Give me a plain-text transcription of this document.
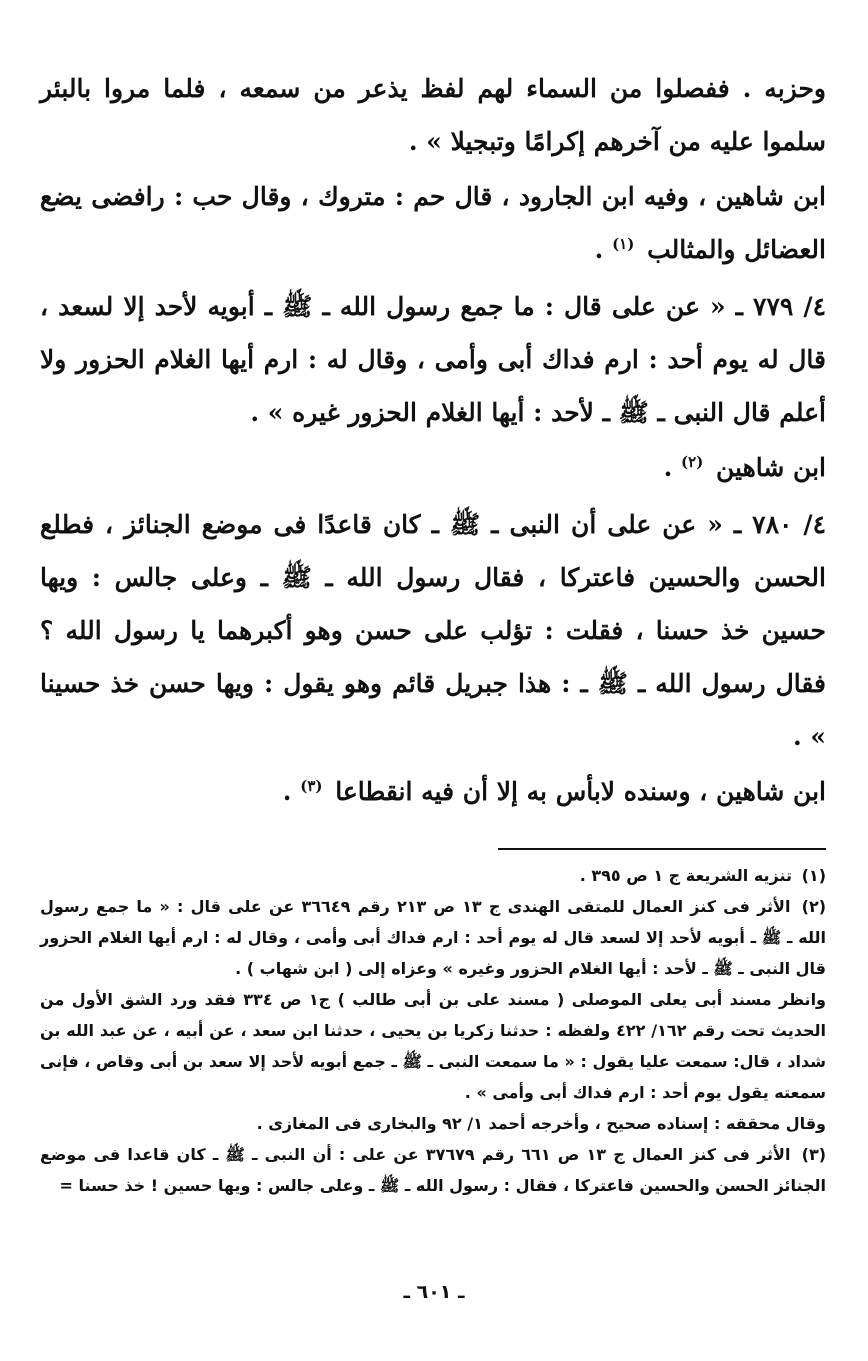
وحزبه . ففصلوا من السماء لهم لفظ يذعر من سمعه ، فلما مروا بالبئر سلموا عليه من آخرهم إكرامًا وتبجيلا » .

ابن شاهين ، وفيه ابن الجارود ، قال حم : متروك ، وقال حب : رافضى يضع العضائل والمثالب $^{(١)}$ .

٤/ ٧٧٩ ـ « عن على قال : ما جمع رسول الله ـ ﷺ ـ أبويه لأحد إلا لسعد ، قال له يوم أحد : ارم فداك أبى وأمى ، وقال له : ارم أيها الغلام الحزور ولا أعلم قال النبى ـ ﷺ ـ لأحد : أيها الغلام الحزور غيره » .

ابن شاهين $^{(٢)}$ .

٤/ ٧٨٠ ـ « عن على أن النبى ـ ﷺ ـ كان قاعدًا فى موضع الجنائز ، فطلع الحسن والحسين فاعتركا ، فقال رسول الله ـ ﷺ ـ وعلى جالس : ويها حسين خذ حسنا ، فقلت : تؤلب على حسن وهو أكبرهما يا رسول الله ؟ فقال رسول الله ـ ﷺ ـ : هذا جبريل قائم وهو يقول : ويها حسن خذ حسينا » .

ابن شاهين ، وسنده لابأس به إلا أن فيه انقطاعا $^{(٣)}$ .

(١) تنزيه الشريعة ج ١ ص ٣٩٥ .

(٢) الأثر فى كنز العمال للمتقى الهندى ج ١٣ ص ٢١٣ رقم ٣٦٦٤٩ عن على قال : « ما جمع رسول الله ـ ﷺ ـ أبويه لأحد إلا لسعد قال له يوم أحد : ارم فداك أبى وأمى ، وقال له : ارم أيها الغلام الحزور قال النبى ـ ﷺ ـ لأحد : أيها الغلام الحزور وغيره » وعزاه إلى ( ابن شهاب ) .

وانظر مسند أبى يعلى الموصلى ( مسند على بن أبى طالب ) ج١ ص ٣٣٤ فقد ورد الشق الأول من الحديث تحت رقم ١٦٢/ ٤٢٢ ولفظه : حدثنا زكريا بن يحيى ، حدثنا ابن سعد ، عن أبيه ، عن عبد الله بن شداد ، قال: سمعت عليا يقول : « ما سمعت النبى ـ ﷺ ـ جمع أبويه لأحد إلا سعد بن أبى وقاص ، فإنى سمعته يقول يوم أحد : ارم فداك أبى وأمى » .

وقال محققه : إسناده صحيح ، وأخرجه أحمد ١/ ٩٢ والبخارى فى المغازى .

(٣) الأثر فى كنز العمال ج ١٣ ص ٦٦١ رقم ٣٧٦٧٩ عن على : أن النبى ـ ﷺ ـ كان قاعدا فى موضع الجنائز الحسن والحسين فاعتركا ، فقال : رسول الله ـ ﷺ ـ وعلى جالس : ويها حسين ! خذ حسنا =

ـ ٦٠١ ـ
